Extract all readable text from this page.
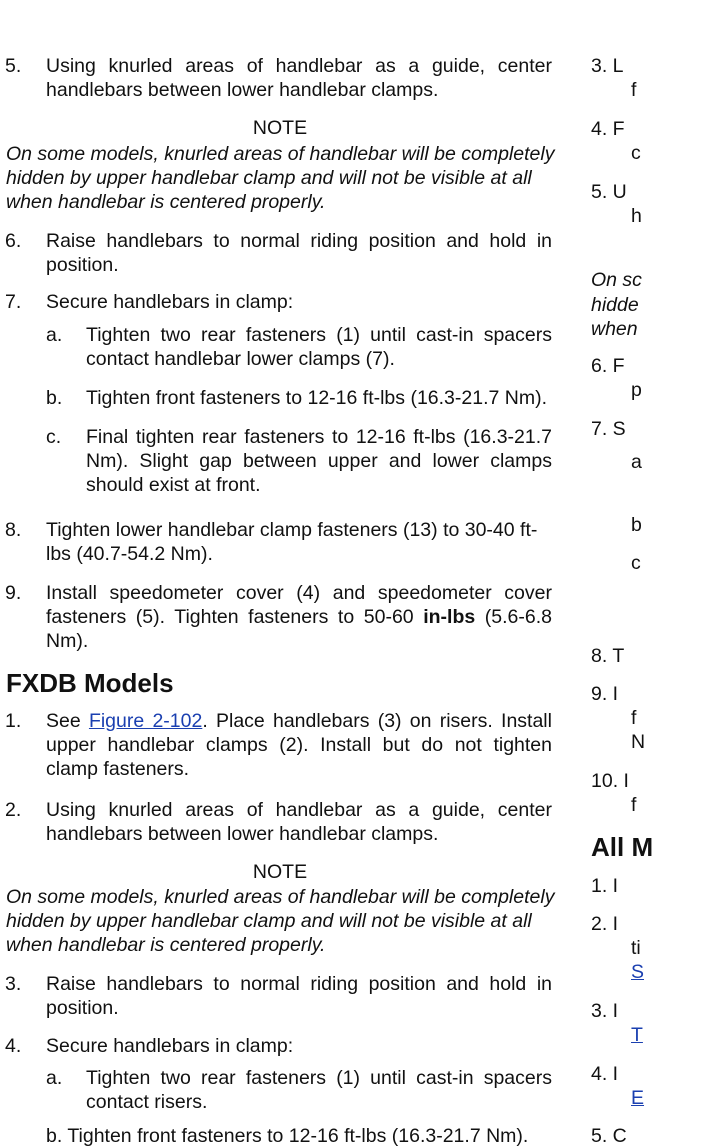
5.	Using knurled areas of handlebar as a guide, center handlebars between lower handlebar clamps.
NOTE
On some models, knurled areas of handlebar will be completely hidden by upper handlebar clamp and will not be visible at all when handlebar is centered properly.
6.	Raise handlebars to normal riding position and hold in position.
7.	Secure handlebars in clamp:
a.	Tighten two rear fasteners (1) until cast-in spacers contact handlebar lower clamps (7).
b.	Tighten front fasteners to 12-16 ft-lbs (16.3-21.7 Nm).
c.	Final tighten rear fasteners to 12-16 ft-lbs (16.3-21.7 Nm). Slight gap between upper and lower clamps should exist at front.
8.	Tighten lower handlebar clamp fasteners (13) to 30-40 ft-lbs (40.7-54.2 Nm).
9.	Install speedometer cover (4) and speedometer cover fasteners (5). Tighten fasteners to 50-60 in-lbs (5.6-6.8 Nm).
FXDB Models
1.	See Figure 2-102. Place handlebars (3) on risers. Install upper handlebar clamps (2). Install but do not tighten clamp fasteners.
2.	Using knurled areas of handlebar as a guide, center handlebars between lower handlebar clamps.
NOTE
On some models, knurled areas of handlebar will be completely hidden by upper handlebar clamp and will not be visible at all when handlebar is centered properly.
3.	Raise handlebars to normal riding position and hold in position.
4.	Secure handlebars in clamp:
a.	Tighten two rear fasteners (1) until cast-in spacers contact risers.
b. Tighten front fasteners to 12-16 ft-lbs (16.3-21.7 Nm).
3. L
f
4. F
c
5. U
h
On sc
hidde
when
6. F
p
7. S
a
b
c
8. T
9. I
f
N
10. I
f
All M
1. I
2. I
ti
S
3. I
T
4. I
E
5. C
